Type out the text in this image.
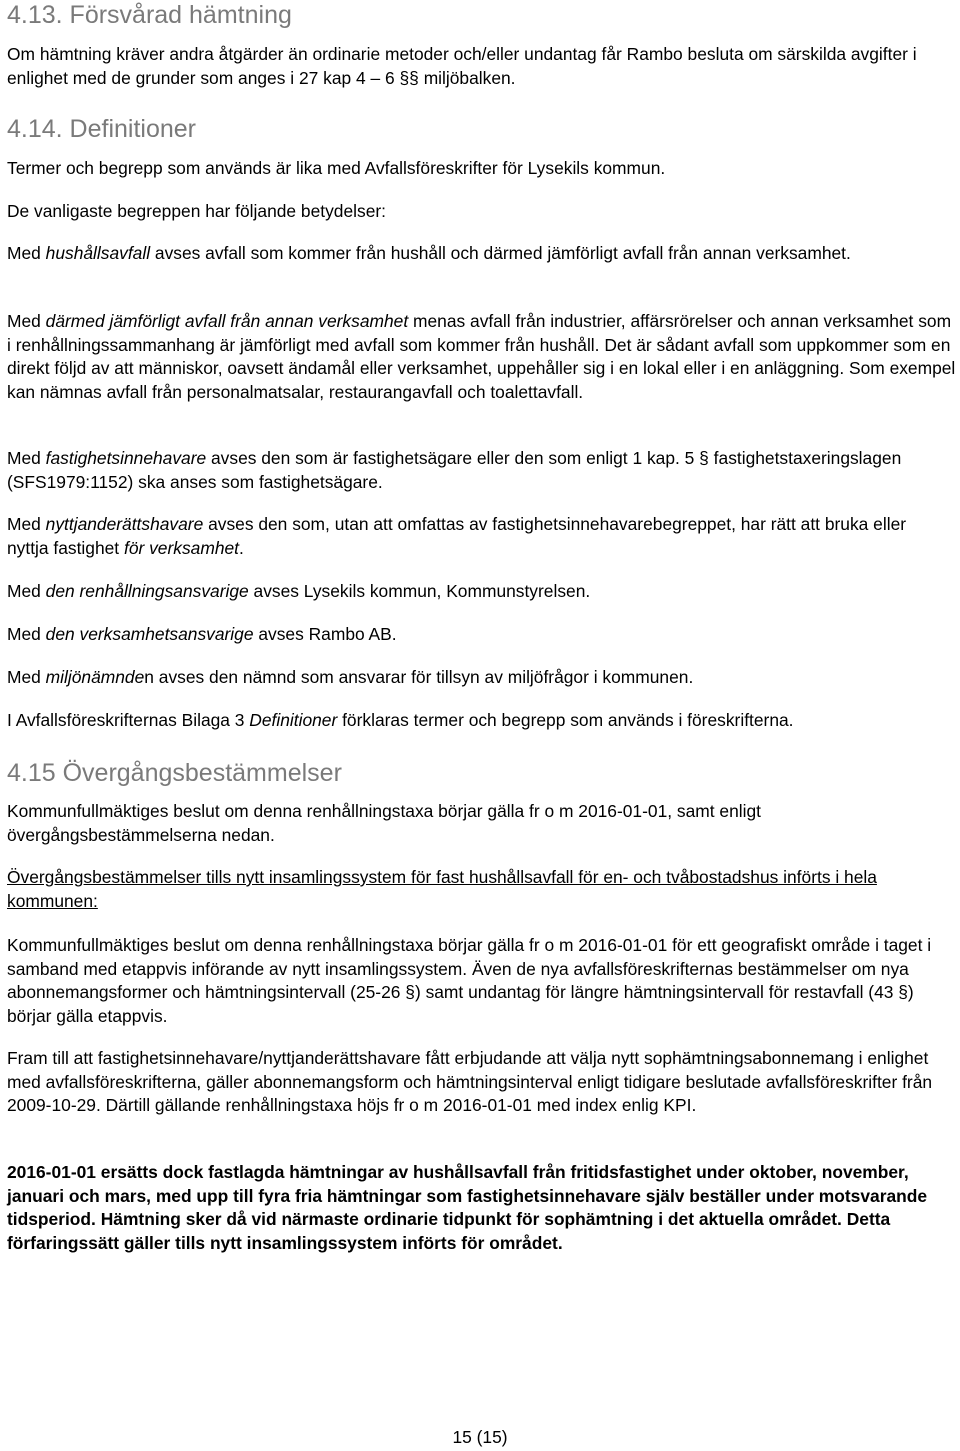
4.13. Försvårad hämtning

Om hämtning kräver andra åtgärder än ordinarie metoder och/eller undantag får Rambo besluta om särskilda avgifter i enlighet med de grunder som anges i 27 kap 4 – 6 §§ miljöbalken.

4.14. Definitioner

Termer och begrepp som används är lika med Avfallsföreskrifter för Lysekils kommun.

De vanligaste begreppen har följande betydelser:

Med hushållsavfall avses avfall som kommer från hushåll och därmed jämförligt avfall från annan verksamhet.

Med därmed jämförligt avfall från annan verksamhet menas avfall från industrier, affärsrörelser och annan verksamhet som i renhållningssammanhang är jämförligt med avfall som kommer från hushåll. Det är sådant avfall som uppkommer som en direkt följd av att människor, oavsett ändamål eller verksamhet, uppehåller sig i en lokal eller i en anläggning. Som exempel kan nämnas avfall från personalmatsalar, restaurangavfall och toalettavfall.

Med fastighetsinnehavare avses den som är fastighetsägare eller den som enligt 1 kap. 5 § fastighetstaxeringslagen (SFS1979:1152) ska anses som fastighetsägare.

Med nyttjanderättshavare avses den som, utan att omfattas av fastighetsinnehavarebegreppet, har rätt att bruka eller nyttja fastighet för verksamhet.

Med den renhållningsansvarige avses Lysekils kommun, Kommunstyrelsen.

Med den verksamhetsansvarige avses Rambo AB.

Med miljönämnden avses den nämnd som ansvarar för tillsyn av miljöfrågor i kommunen.

I Avfallsföreskrifternas Bilaga 3 Definitioner förklaras termer och begrepp som används i föreskrifterna.

4.15 Övergångsbestämmelser

Kommunfullmäktiges beslut om denna renhållningstaxa börjar gälla fr o m 2016-01-01, samt enligt övergångsbestämmelserna nedan.

Övergångsbestämmelser tills nytt insamlingssystem för fast hushållsavfall för en- och tvåbostadshus införts i hela kommunen:

Kommunfullmäktiges beslut om denna renhållningstaxa börjar gälla fr o m 2016-01-01 för ett geografiskt område i taget i samband med etappvis införande av nytt insamlingssystem. Även de nya avfallsföreskrifternas bestämmelser om nya abonnemangsformer och hämtningsintervall (25-26 §) samt undantag för längre hämtningsintervall för restavfall (43 §) börjar gälla etappvis.

Fram till att fastighetsinnehavare/nyttjanderättshavare fått erbjudande att välja nytt sophämtningsabonnemang i enlighet med avfallsföreskrifterna, gäller abonnemangsform och hämtningsinterval enligt tidigare beslutade avfallsföreskrifter från 2009-10-29. Därtill gällande renhållningstaxa höjs fr o m 2016-01-01 med index enlig KPI.

2016-01-01 ersätts dock fastlagda hämtningar av hushållsavfall från fritidsfastighet under oktober, november, januari och mars, med upp till fyra fria hämtningar som fastighetsinnehavare själv beställer under motsvarande tidsperiod. Hämtning sker då vid närmaste ordinarie tidpunkt för sophämtning i det aktuella området. Detta förfaringssätt gäller tills nytt insamlingssystem införts för området.

15 (15)
